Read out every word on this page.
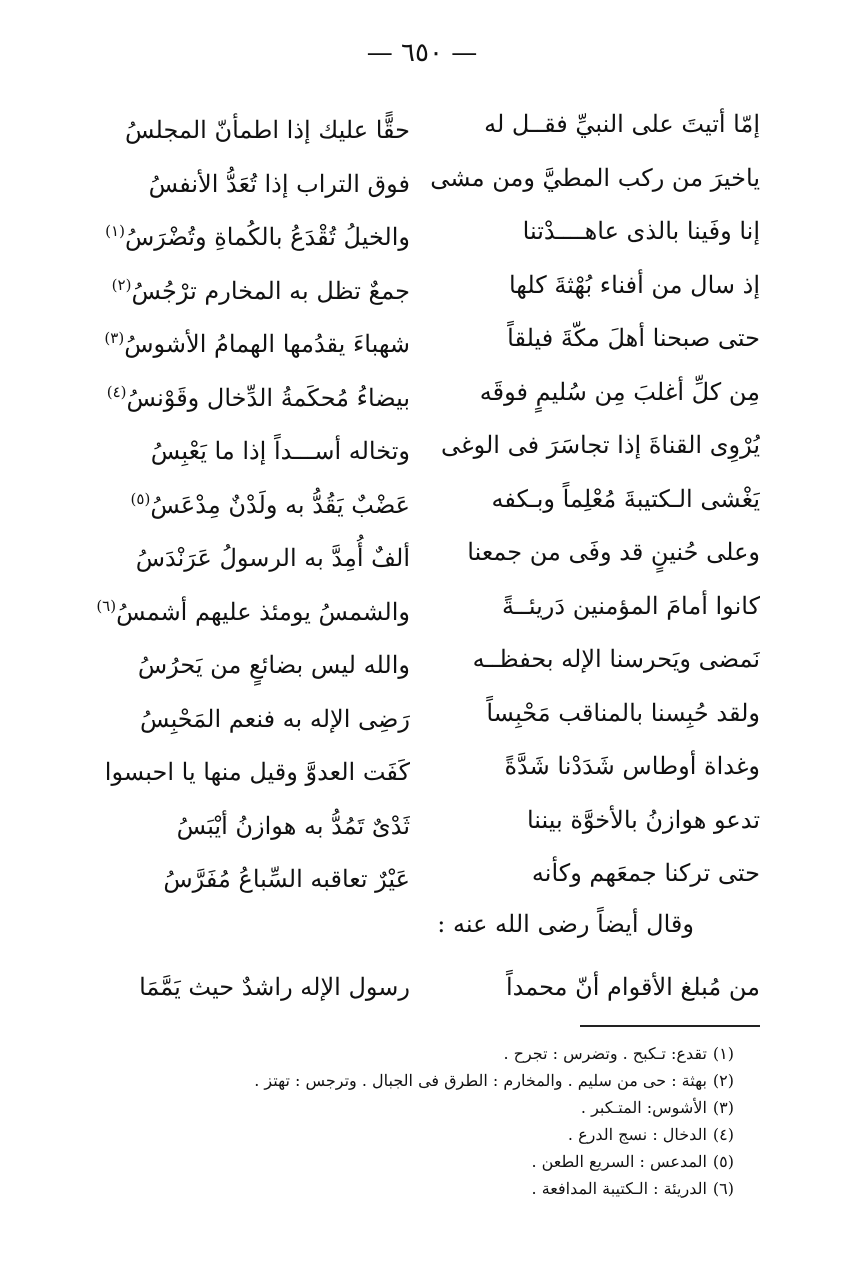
— ٦٥٠ —
إمّا أتيتَ على النبيِّ فقــل له
حقًّا عليك إذا اطمأنّ المجلسُ
ياخيرَ من ركب المطيَّ ومن مشى
فوق التراب إذا تُعَدُّ الأنفسُ
إنا وفَينا بالذى عاهــــدْتنا
والخيلُ تُقْدَعُ بالكُماةِ وتُضْرَسُ$^{(١)}$
إذ سال من أفناء بُهْثةَ كلها
جمعٌ تظل به المخارم ترْجُسُ$^{(٢)}$
حتى صبحنا أهلَ مكّةَ فيلقاً
شهباءَ يقدُمها الهمامُ الأشوسُ$^{(٣)}$
مِن كلِّ أغلبَ مِن سُليمٍ فوقَه
بيضاءُ مُحكَمةُ الدِّخال وقَوْنسُ$^{(٤)}$
يُرْوِى القناةَ إذا تجاسَرَ فى الوغى
وتخاله أســـداً إذا ما يَعْبِسُ
يَغْشى الـكتيبةَ مُعْلِماً وبـكفه
عَضْبٌ يَقُدُّ به ولَدْنٌ مِدْعَسُ$^{(٥)}$
وعلى حُنينٍ قد وفَى من جمعنا
ألفٌ أُمِدَّ به الرسولُ عَرَنْدَسُ
كانوا أمامَ المؤمنين دَريئــةً
والشمسُ يومئذ عليهم أشمسُ$^{(٦)}$
نَمضى ويَحرسنا الإله بحفظــه
والله ليس بضائعٍ من يَحرُسُ
ولقد حُبِسنا بالمناقب مَحْبِساً
رَضِى الإله به فنعم المَحْبِسُ
وغداة أوطاس شَدَدْنا شَدَّةً
كَفَت العدوَّ وقيل منها يا احبسوا
تدعو هوازنُ بالأخوَّة بيننا
ثَدْىٌ تَمُدُّ به هوازنُ أيْبَسُ
حتى تركنا جمعَهم وكأنه
عَيْرٌ تعاقبه السِّباعُ مُفَرَّسُ
وقال أيضاً رضى الله عنه :
من مُبلغ الأقوام أنّ محمداً
رسول الإله راشدٌ حيث يَمَّمَا
(١)تقدع: تـكبح . وتضرس : تجرح .
(٢)بهثة : حى من سليم . والمخارم : الطرق فى الجبال . وترجس : تهتز .
(٣)الأشوس: المتـكبر .
(٤)الدخال : نسج الدرع .
(٥)المدعس : السريع الطعن .
(٦)الدريئة : الـكتيبة المدافعة .
